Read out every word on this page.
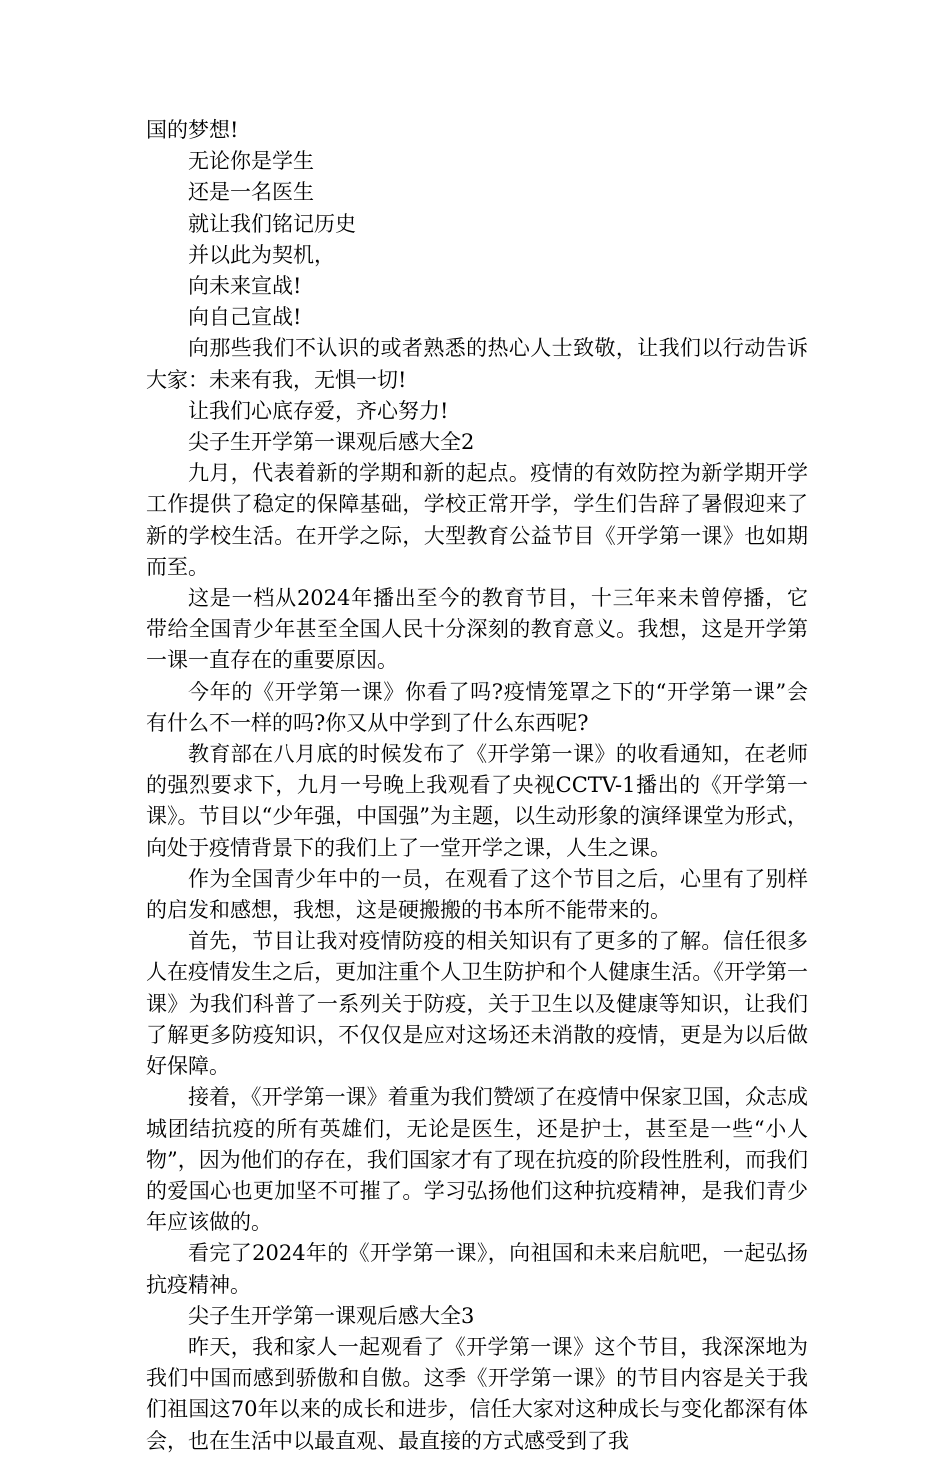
国的梦想!

无论你是学生

还是一名医生

就让我们铭记历史

并以此为契机，

向未来宣战!

向自己宣战!

向那些我们不认识的或者熟悉的热心人士致敬，让我们以行动告诉大家：未来有我，无惧一切!

让我们心底存爱，齐心努力!

尖子生开学第一课观后感大全2

九月，代表着新的学期和新的起点。疫情的有效防控为新学期开学工作提供了稳定的保障基础，学校正常开学，学生们告辞了暑假迎来了新的学校生活。在开学之际，大型教育公益节目《开学第一课》也如期而至。

这是一档从2024年播出至今的教育节目，十三年来未曾停播，它带给全国青少年甚至全国人民十分深刻的教育意义。我想，这是开学第一课一直存在的重要原因。

今年的《开学第一课》你看了吗?疫情笼罩之下的“开学第一课”会有什么不一样的吗?你又从中学到了什么东西呢?

教育部在八月底的时候发布了《开学第一课》的收看通知，在老师的强烈要求下，九月一号晚上我观看了央视CCTV-1播出的《开学第一课》。节目以“少年强，中国强”为主题，以生动形象的演绎课堂为形式，向处于疫情背景下的我们上了一堂开学之课，人生之课。

作为全国青少年中的一员，在观看了这个节目之后，心里有了别样的启发和感想，我想，这是硬搬搬的书本所不能带来的。

首先，节目让我对疫情防疫的相关知识有了更多的了解。信任很多人在疫情发生之后，更加注重个人卫生防护和个人健康生活。《开学第一课》为我们科普了一系列关于防疫，关于卫生以及健康等知识，让我们了解更多防疫知识，不仅仅是应对这场还未消散的疫情，更是为以后做好保障。

接着，《开学第一课》着重为我们赞颂了在疫情中保家卫国，众志成城团结抗疫的所有英雄们，无论是医生，还是护士，甚至是一些“小人物”，因为他们的存在，我们国家才有了现在抗疫的阶段性胜利，而我们的爱国心也更加坚不可摧了。学习弘扬他们这种抗疫精神，是我们青少年应该做的。

看完了2024年的《开学第一课》，向祖国和未来启航吧，一起弘扬抗疫精神。

尖子生开学第一课观后感大全3

昨天，我和家人一起观看了《开学第一课》这个节目，我深深地为我们中国而感到骄傲和自傲。这季《开学第一课》的节目内容是关于我们祖国这70年以来的成长和进步，信任大家对这种成长与变化都深有体会，也在生活中以最直观、最直接的方式感受到了我
